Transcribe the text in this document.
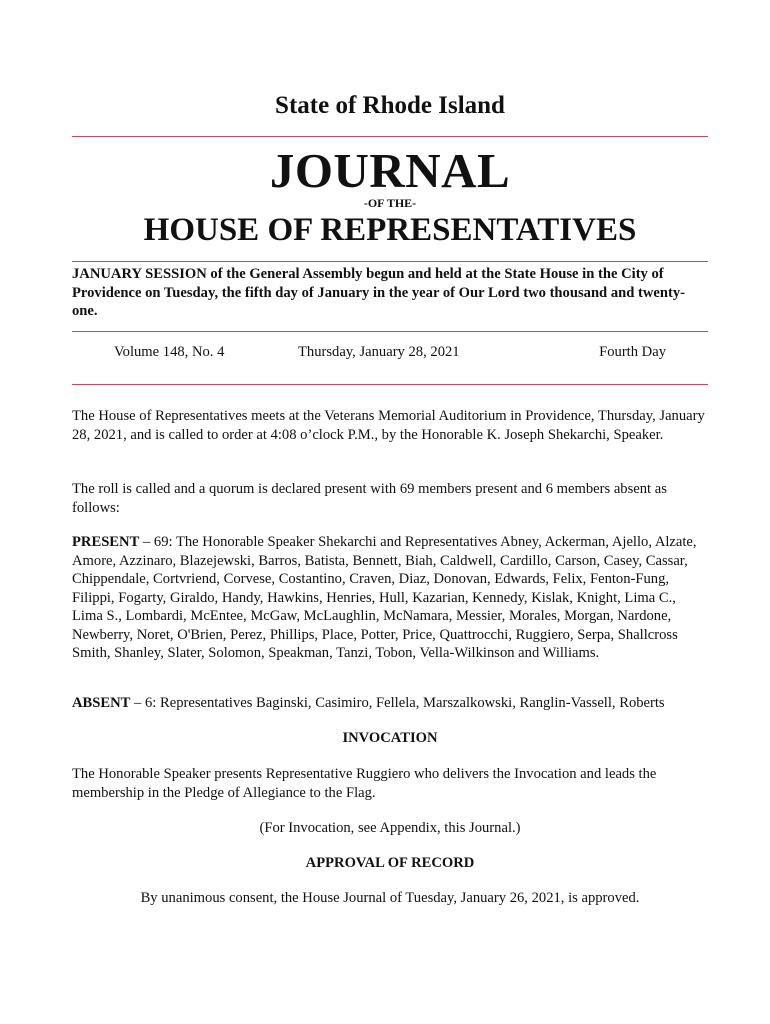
State of Rhode Island
JOURNAL
-OF THE-
HOUSE OF REPRESENTATIVES
JANUARY SESSION of the General Assembly begun and held at the State House in the City of Providence on Tuesday, the fifth day of January in the year of Our Lord two thousand and twenty-one.
Volume 148, No. 4	Thursday, January 28, 2021	Fourth Day
The House of Representatives meets at the Veterans Memorial Auditorium in Providence, Thursday, January 28, 2021, and is called to order at 4:08 o’clock P.M., by the Honorable K. Joseph Shekarchi, Speaker.
The roll is called and a quorum is declared present with 69 members present and 6 members absent as follows:
PRESENT – 69: The Honorable Speaker Shekarchi and Representatives Abney, Ackerman, Ajello, Alzate, Amore, Azzinaro, Blazejewski, Barros, Batista, Bennett, Biah, Caldwell, Cardillo, Carson, Casey, Cassar, Chippendale, Cortvriend, Corvese, Costantino, Craven, Diaz, Donovan, Edwards, Felix, Fenton-Fung, Filippi, Fogarty, Giraldo, Handy, Hawkins, Henries, Hull, Kazarian, Kennedy, Kislak, Knight, Lima C., Lima S., Lombardi, McEntee, McGaw, McLaughlin, McNamara, Messier, Morales, Morgan, Nardone, Newberry, Noret, O'Brien, Perez, Phillips, Place, Potter, Price, Quattrocchi, Ruggiero, Serpa, Shallcross Smith, Shanley, Slater, Solomon, Speakman, Tanzi, Tobon, Vella-Wilkinson and Williams.
ABSENT – 6: Representatives Baginski, Casimiro, Fellela, Marszalkowski, Ranglin-Vassell, Roberts
INVOCATION
The Honorable Speaker presents Representative Ruggiero who delivers the Invocation and leads the membership in the Pledge of Allegiance to the Flag.
(For Invocation, see Appendix, this Journal.)
APPROVAL OF RECORD
By unanimous consent, the House Journal of Tuesday, January 26, 2021, is approved.
